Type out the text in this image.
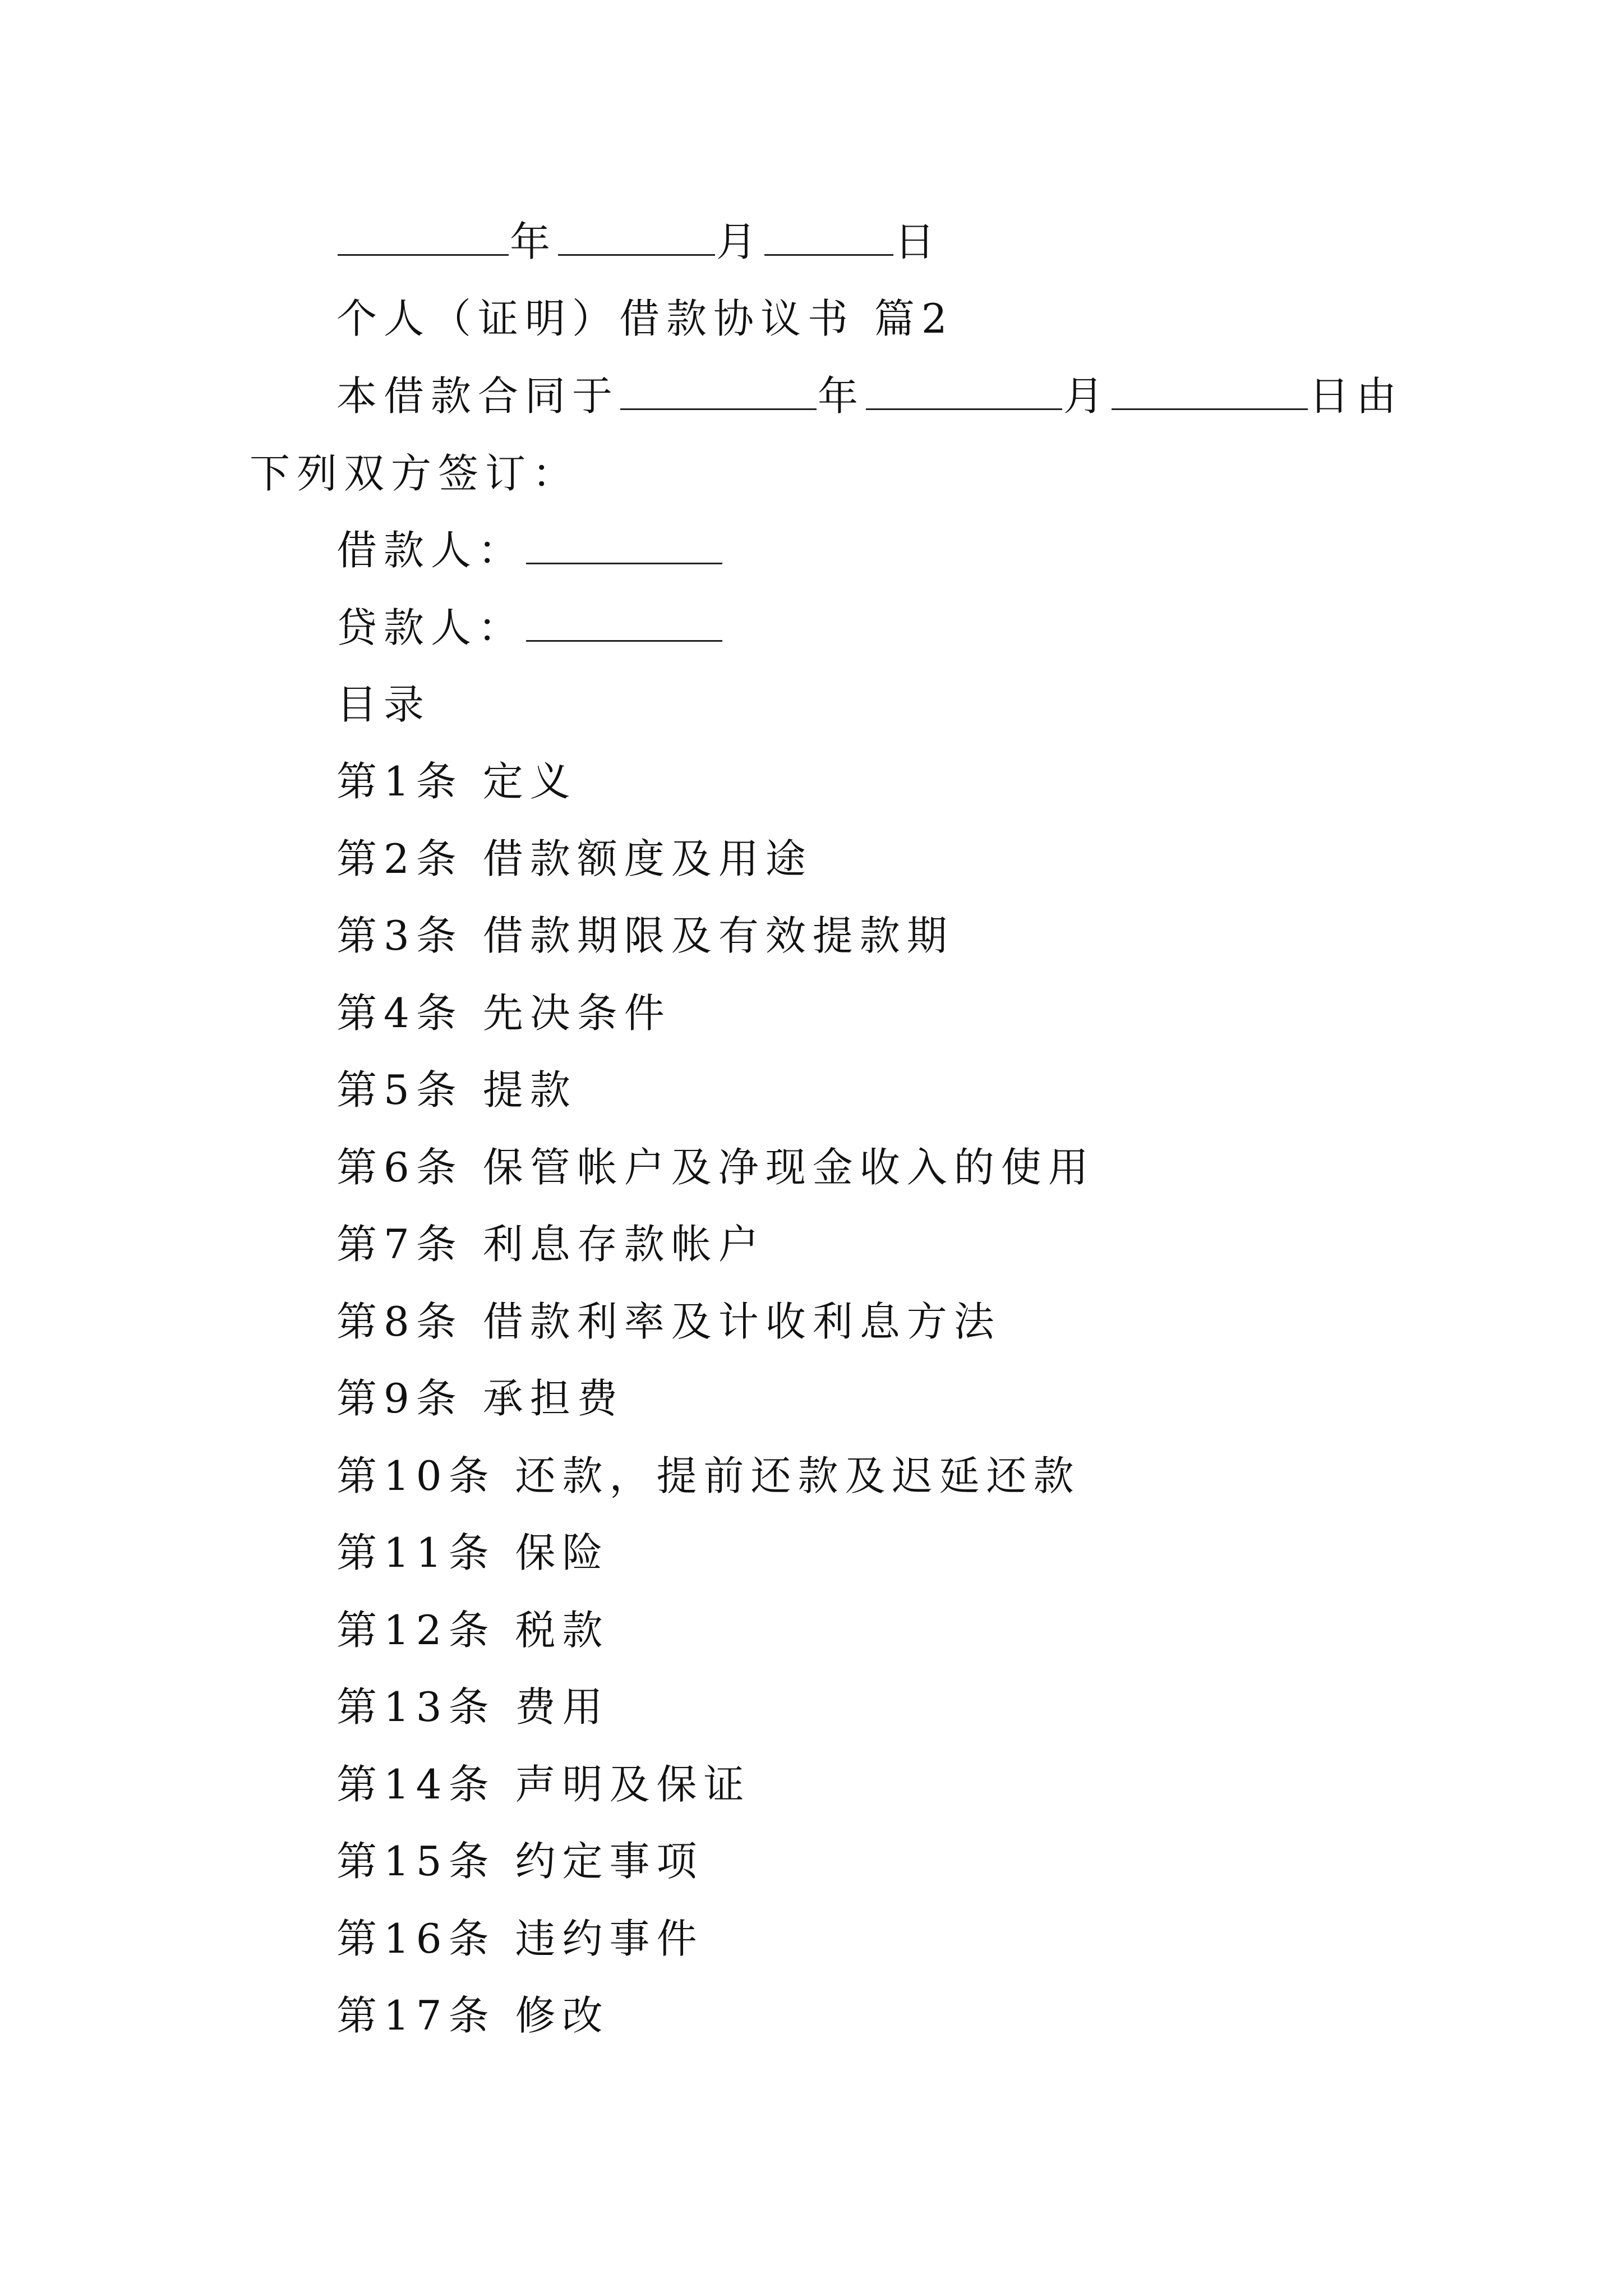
年	月	日
个人（证明）借款协议书 篇2
本借款合同于	年	月	日由
下列双方签订：
借款人：
贷款人：
目录
第1条 定义
第2条 借款额度及用途
第3条 借款期限及有效提款期
第4条 先决条件
第5条 提款
第6条 保管帐户及净现金收入的使用
第7条 利息存款帐户
第8条 借款利率及计收利息方法
第9条 承担费
第10条 还款，提前还款及迟延还款
第11条 保险
第12条 税款
第13条 费用
第14条 声明及保证
第15条 约定事项
第16条 违约事件
第17条 修改
